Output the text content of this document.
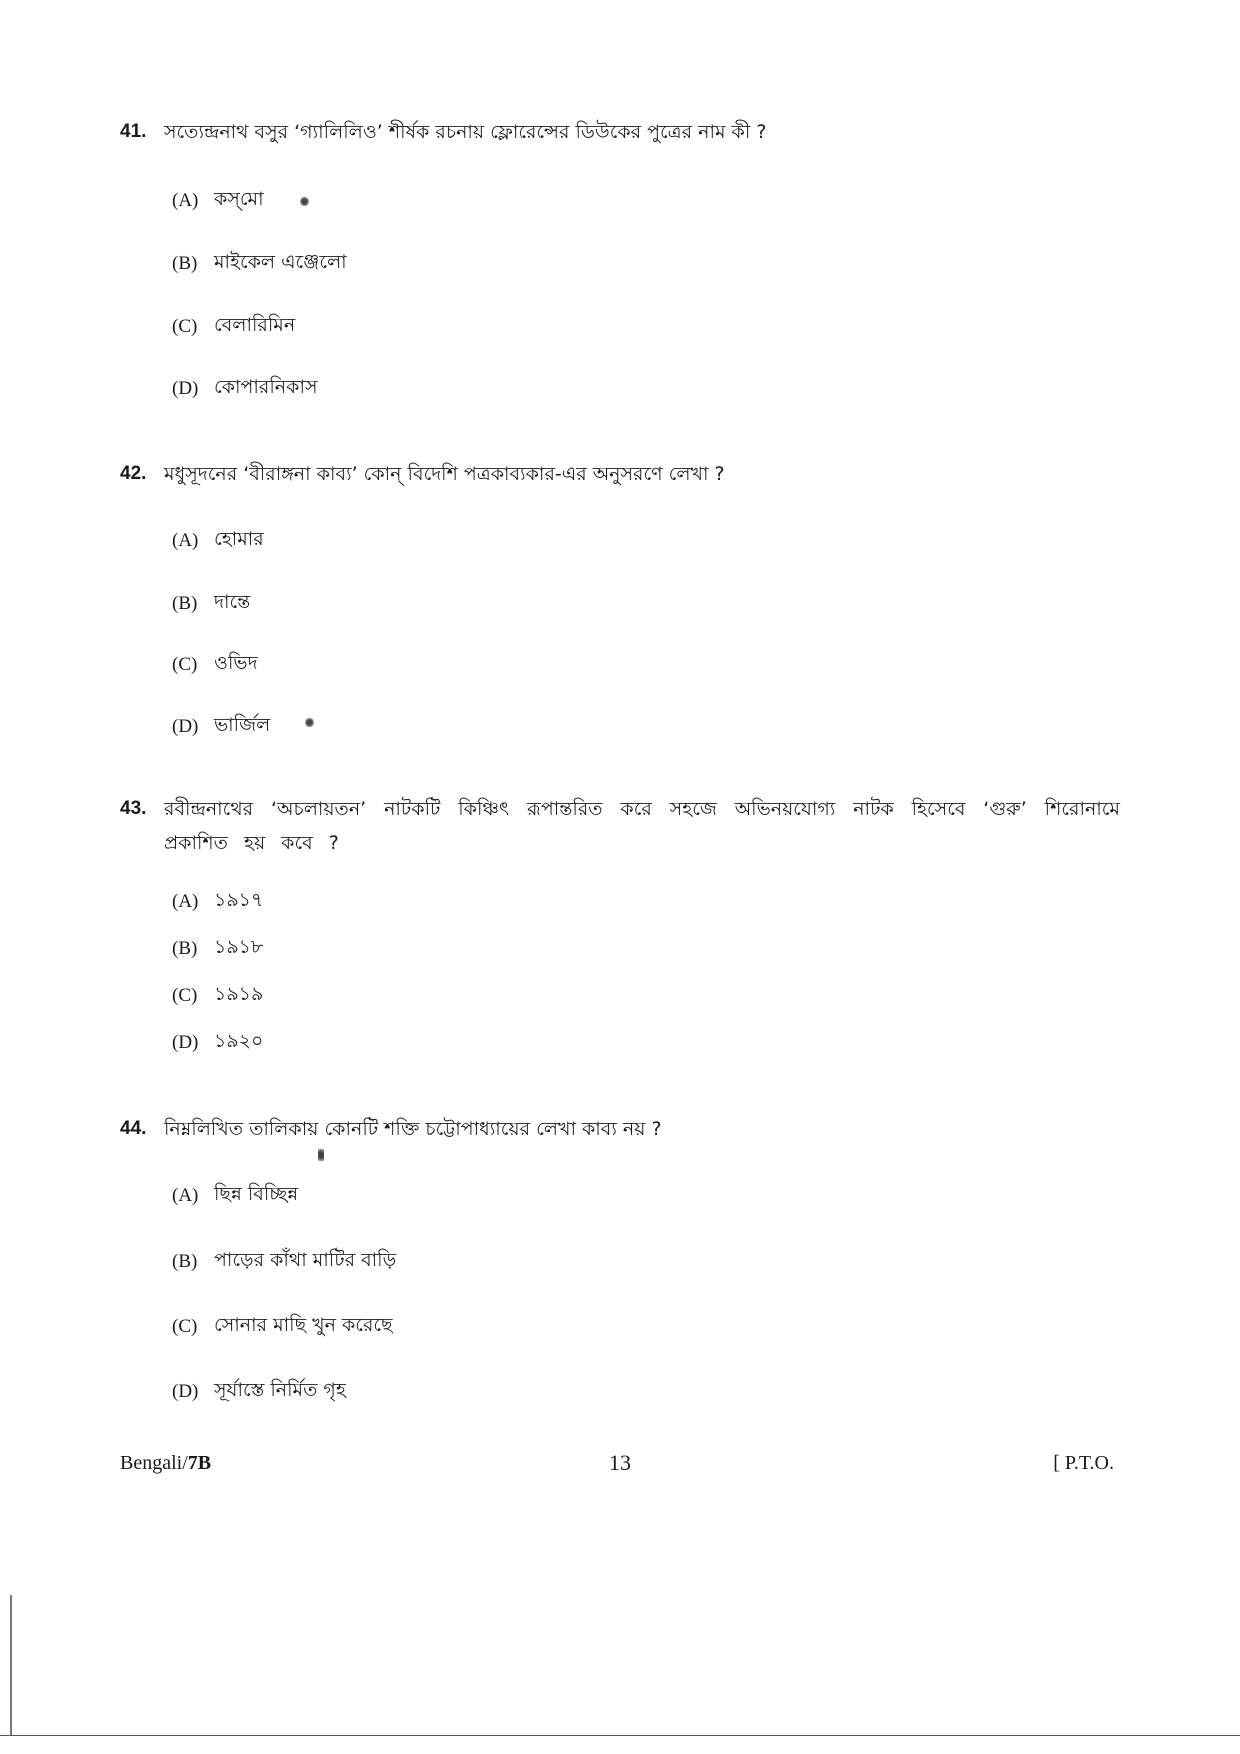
41. সত্যেন্দ্রনাথ বসুর ‘গ্যালিলিও’ শীর্ষক রচনায় ফ্লোরেন্সের ডিউকের পুত্রের নাম কী ?
(A) কস্‌মো
(B) মাইকেল এঞ্জেলো
(C) বেলারিমিন
(D) কোপারনিকাস
42. মধুসূদনের ‘বীরাঙ্গনা কাব্য’ কোন্ বিদেশি পত্রকাব্যকার-এর অনুসরণে লেখা ?
(A) হোমার
(B) দান্তে
(C) ওভিদ
(D) ভার্জিল
43. রবীন্দ্রনাথের ‘অচলায়তন’ নাটকটি কিঞ্চিৎ রূপান্তরিত করে সহজে অভিনয়যোগ্য নাটক হিসেবে ‘গুরু’ শিরোনামে প্রকাশিত হয় কবে ?
(A) ১৯১৭
(B) ১৯১৮
(C) ১৯১৯
(D) ১৯২০
44. নিম্নলিখিত তালিকায় কোনটি শক্তি চট্টোপাধ্যায়ের লেখা কাব্য নয় ?
(A) ছিন্ন বিচ্ছিন্ন
(B) পাড়ের কাঁথা মাটির বাড়ি
(C) সোনার মাছি খুন করেছে
(D) সূর্যাস্তে নির্মিত গৃহ
Bengali/7B	13	[ P.T.O.
